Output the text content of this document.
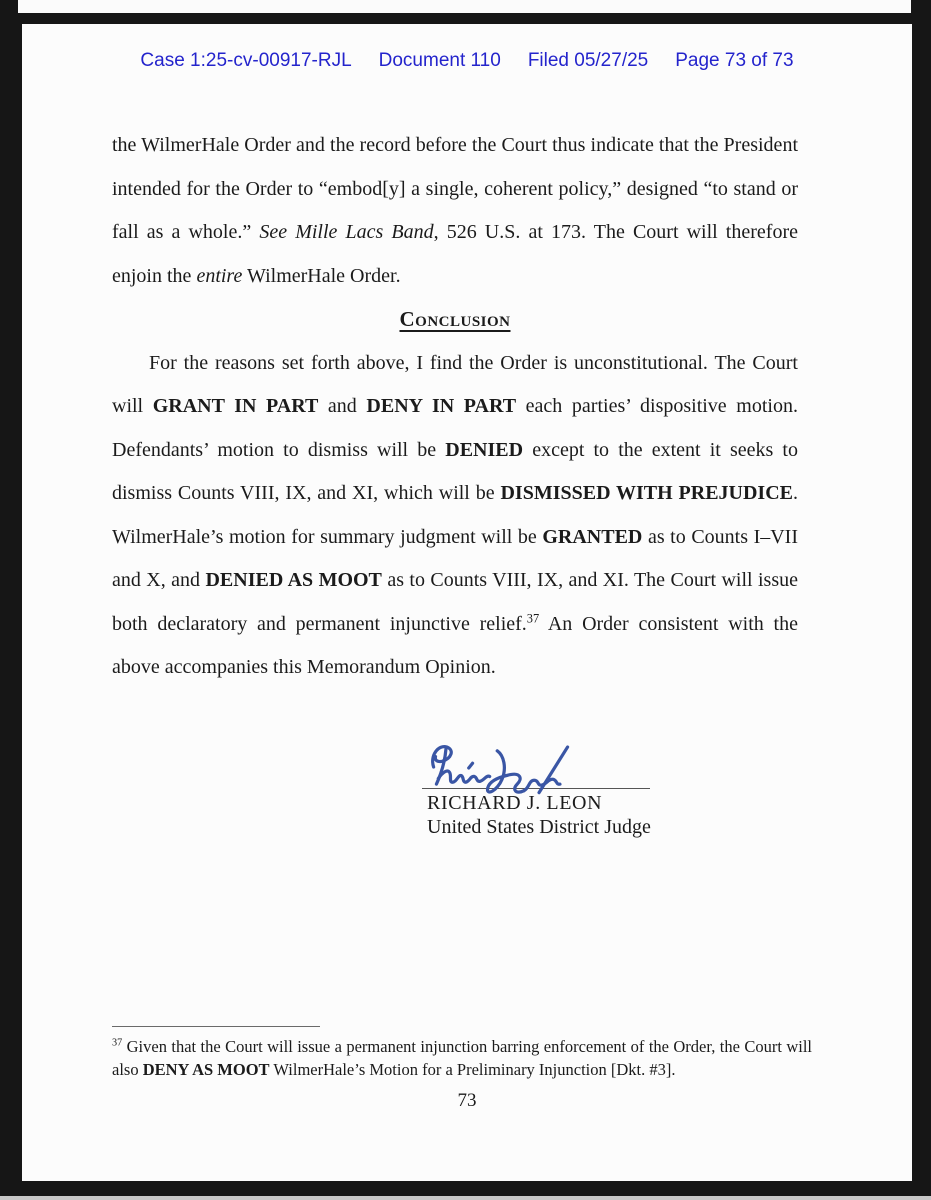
Case 1:25-cv-00917-RJL Document 110 Filed 05/27/25 Page 73 of 73

the WilmerHale Order and the record before the Court thus indicate that the President intended for the Order to “embod[y] a single, coherent policy,” designed “to stand or fall as a whole.” See Mille Lacs Band, 526 U.S. at 173. The Court will therefore enjoin the entire WilmerHale Order.

Conclusion

For the reasons set forth above, I find the Order is unconstitutional. The Court will GRANT IN PART and DENY IN PART each parties’ dispositive motion. Defendants’ motion to dismiss will be DENIED except to the extent it seeks to dismiss Counts VIII, IX, and XI, which will be DISMISSED WITH PREJUDICE. WilmerHale’s motion for summary judgment will be GRANTED as to Counts I–VII and X, and DENIED AS MOOT as to Counts VIII, IX, and XI. The Court will issue both declaratory and permanent injunctive relief.$^{37}$ An Order consistent with the above accompanies this Memorandum Opinion.

RICHARD J. LEON
United States District Judge

$^{37}$ Given that the Court will issue a permanent injunction barring enforcement of the Order, the Court will also DENY AS MOOT WilmerHale’s Motion for a Preliminary Injunction [Dkt. #3].

73
